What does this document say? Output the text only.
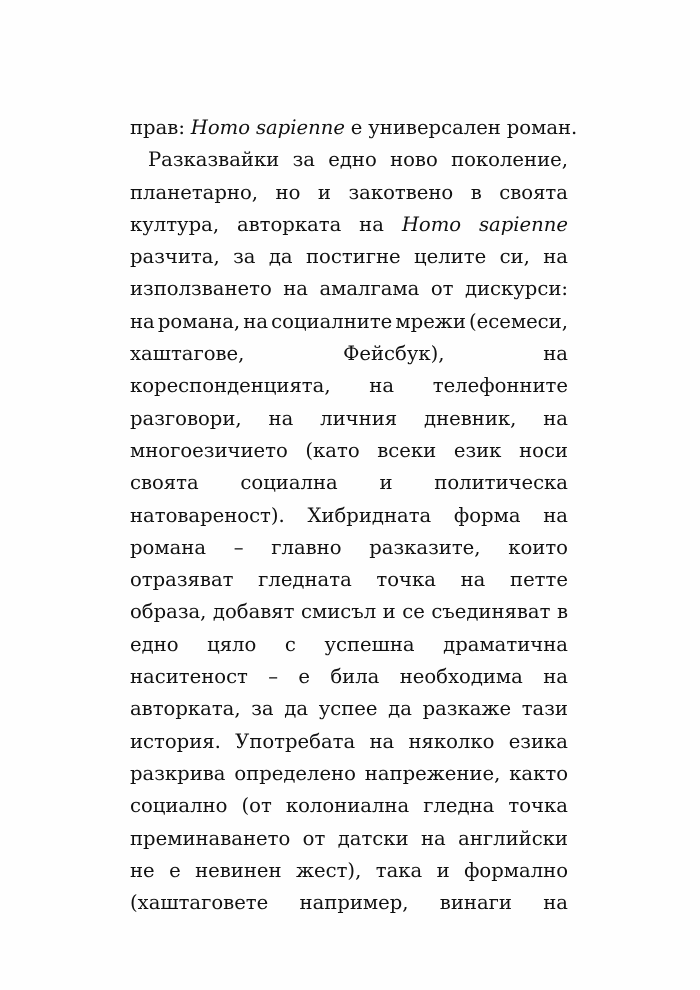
прав: Homo sapienne е универсален роман.
Разказвайки за едно ново поколение,
планетарно, но и закотвено в своята
култура, авторката на Homo sapienne
разчита, за да постигне целите си, на
използването на амалгама от дискурси:
на романа, на социалните мрежи (есемеси,
хаштагове,	Фейсбук),	на
кореспонденцията, на телефонните
разговори, на личния дневник, на
многоезичието (като всеки език носи
своята социална и политическа
натовареност). Хибридната форма на
романа – главно разказите, които
отразяват гледната точка на петте
образа, добавят смисъл и се съединяват в
едно цяло с успешна драматична
наситеност – е била необходима на
авторката, за да успее да разкаже тази
история. Употребата на няколко езика
разкрива определено напрежение, както
социално (от колониална гледна точка
преминаването от датски на английски
не е невинен жест), така и формално
(хаштаговете например, винаги на
